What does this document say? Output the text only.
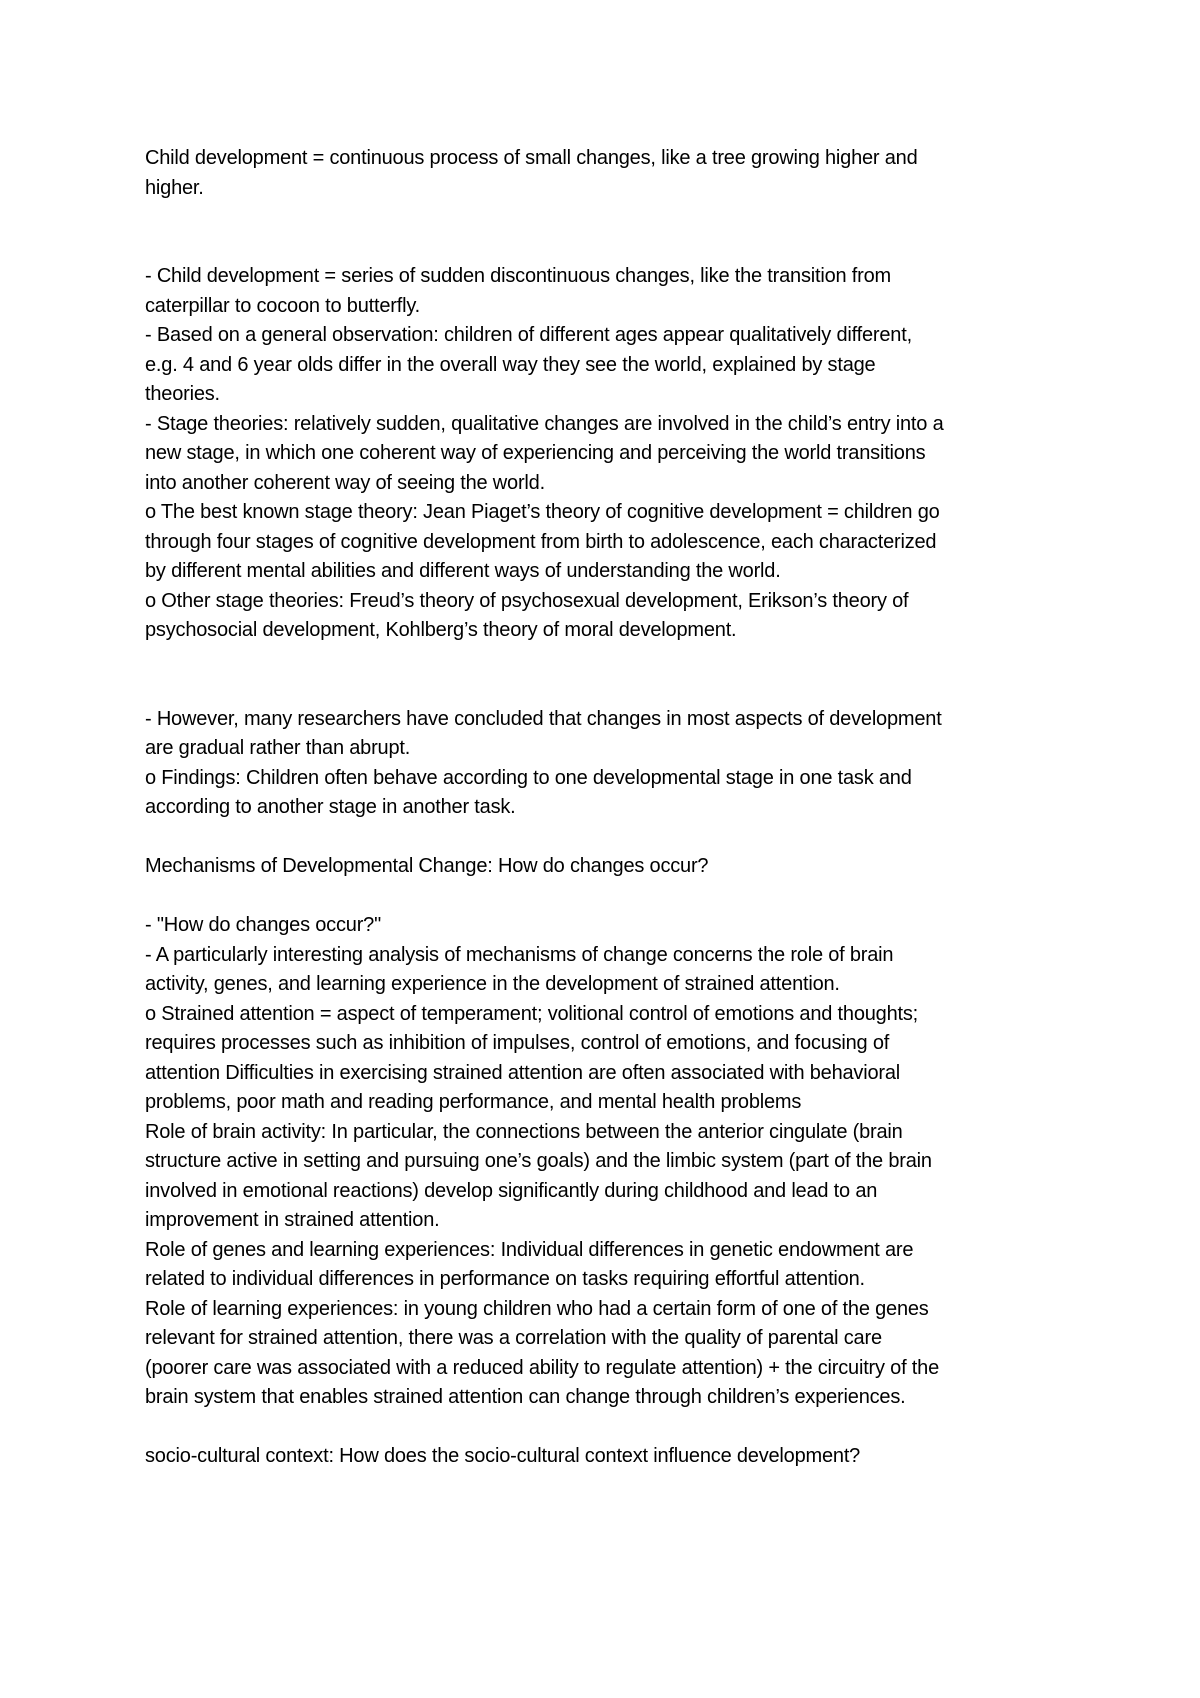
Child development = continuous process of small changes, like a tree growing higher and
higher.
- Child development = series of sudden discontinuous changes, like the transition from
caterpillar to cocoon to butterfly.
- Based on a general observation: children of different ages appear qualitatively different,
e.g. 4 and 6 year olds differ in the overall way they see the world, explained by stage
theories.
- Stage theories: relatively sudden, qualitative changes are involved in the child’s entry into a
new stage, in which one coherent way of experiencing and perceiving the world transitions
into another coherent way of seeing the world.
o The best known stage theory: Jean Piaget’s theory of cognitive development = children go
through four stages of cognitive development from birth to adolescence, each characterized
by different mental abilities and different ways of understanding the world.
o Other stage theories: Freud’s theory of psychosexual development, Erikson’s theory of
psychosocial development, Kohlberg’s theory of moral development.
- However, many researchers have concluded that changes in most aspects of development
are gradual rather than abrupt.
o Findings: Children often behave according to one developmental stage in one task and
according to another stage in another task.
Mechanisms of Developmental Change: How do changes occur?
- "How do changes occur?"
- A particularly interesting analysis of mechanisms of change concerns the role of brain
activity, genes, and learning experience in the development of strained attention.
o Strained attention = aspect of temperament; volitional control of emotions and thoughts;
requires processes such as inhibition of impulses, control of emotions, and focusing of
attention Difficulties in exercising strained attention are often associated with behavioral
problems, poor math and reading performance, and mental health problems
Role of brain activity: In particular, the connections between the anterior cingulate (brain
structure active in setting and pursuing one’s goals) and the limbic system (part of the brain
involved in emotional reactions) develop significantly during childhood and lead to an
improvement in strained attention.
Role of genes and learning experiences: Individual differences in genetic endowment are
related to individual differences in performance on tasks requiring effortful attention.
Role of learning experiences: in young children who had a certain form of one of the genes
relevant for strained attention, there was a correlation with the quality of parental care
(poorer care was associated with a reduced ability to regulate attention) + the circuitry of the
brain system that enables strained attention can change through children’s experiences.
socio-cultural context: How does the socio-cultural context influence development?
